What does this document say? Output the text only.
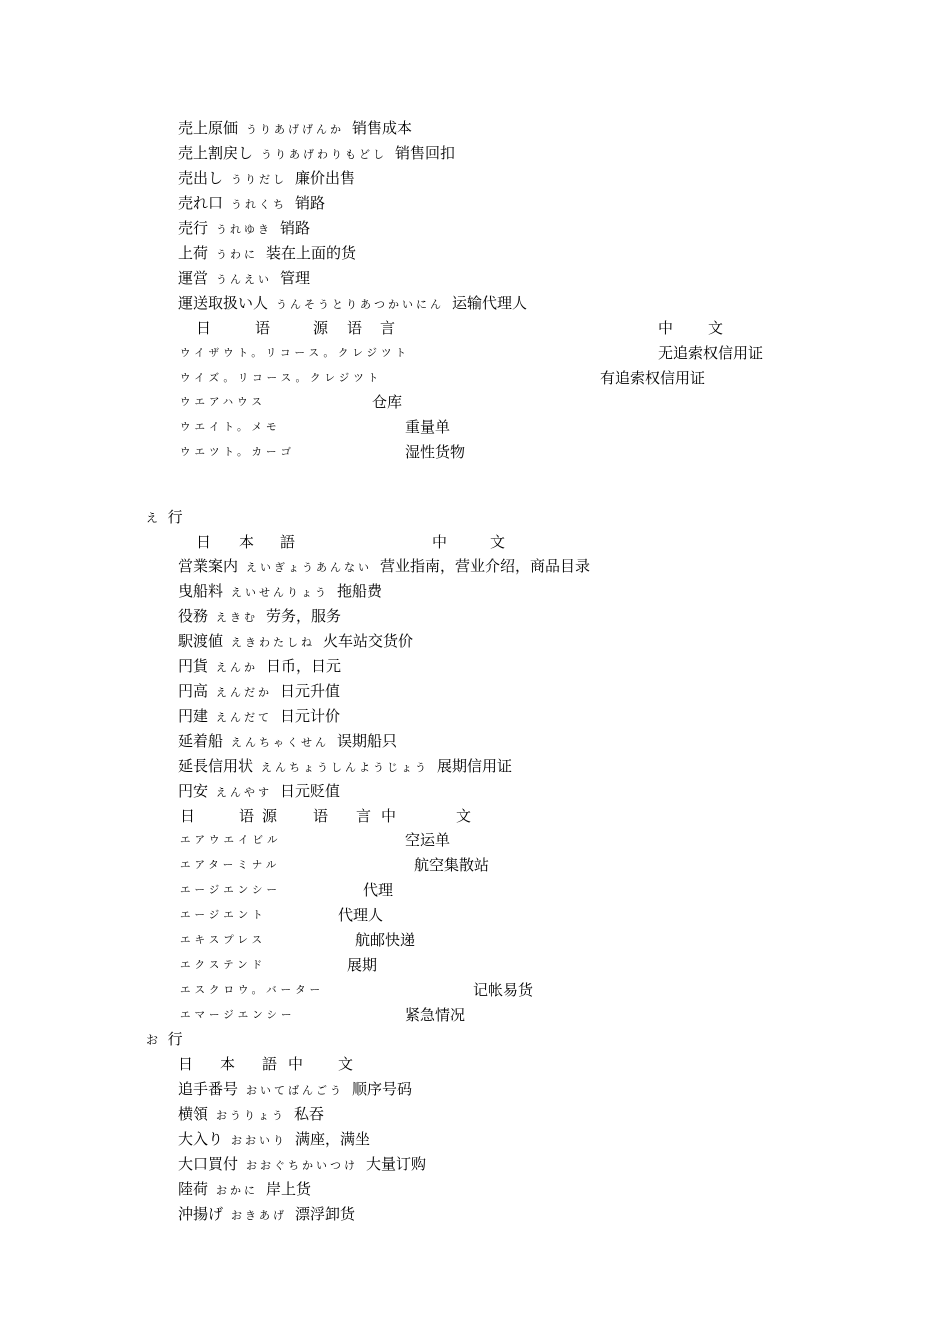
売上原価 うりあげげんか 销售成本
売上割戻し うりあげわりもどし 销售回扣
売出し うりだし 廉价出售
売れ口 うれくち 销路
売行 うれゆき 销路
上荷 うわに 装在上面的货
運営 うんえい 管理
運送取扱い人 うんそうとりあつかいにん 运输代理人
日	语	源 语 言	中 文
ウイザウト。リコース。クレジツト	无追索权信用证
ウイズ。リコース。クレジツト	有追索权信用证
ウエアハウス	仓库
ウエイト。メモ	重量单
ウエツト。カーゴ	湿性货物
え 行
日 本 語	中	文
営業案内 えいぎょうあんない 营业指南，营业介绍，商品目录
曳船料 えいせんりょう 拖船费
役務 えきむ 劳务，服务
駅渡値 えきわたしね 火车站交货价
円貨 えんか 日币，日元
円高 えんだか 日元升值
円建 えんだて 日元计价
延着船 えんちゃくせん 误期船只
延長信用状 えんちょうしんようじょう 展期信用证
円安 えんやす 日元贬值
日	语 源 语 言 中	文
エアウエイビル	空运单
エアターミナル	航空集散站
エージエンシー	代理
エージエント	代理人
エキスプレス	航邮快递
エクステンド	展期
エスクロウ。バーター	记帐易货
エマージエンシー	紧急情况
お 行
日 本 語 中 文
追手番号 おいてばんごう 顺序号码
横領 おうりょう 私吞
大入り おおいり 满座，满坐
大口買付 おおぐちかいつけ 大量订购
陸荷 おかに 岸上货
沖揚げ おきあげ 漂浮卸货
